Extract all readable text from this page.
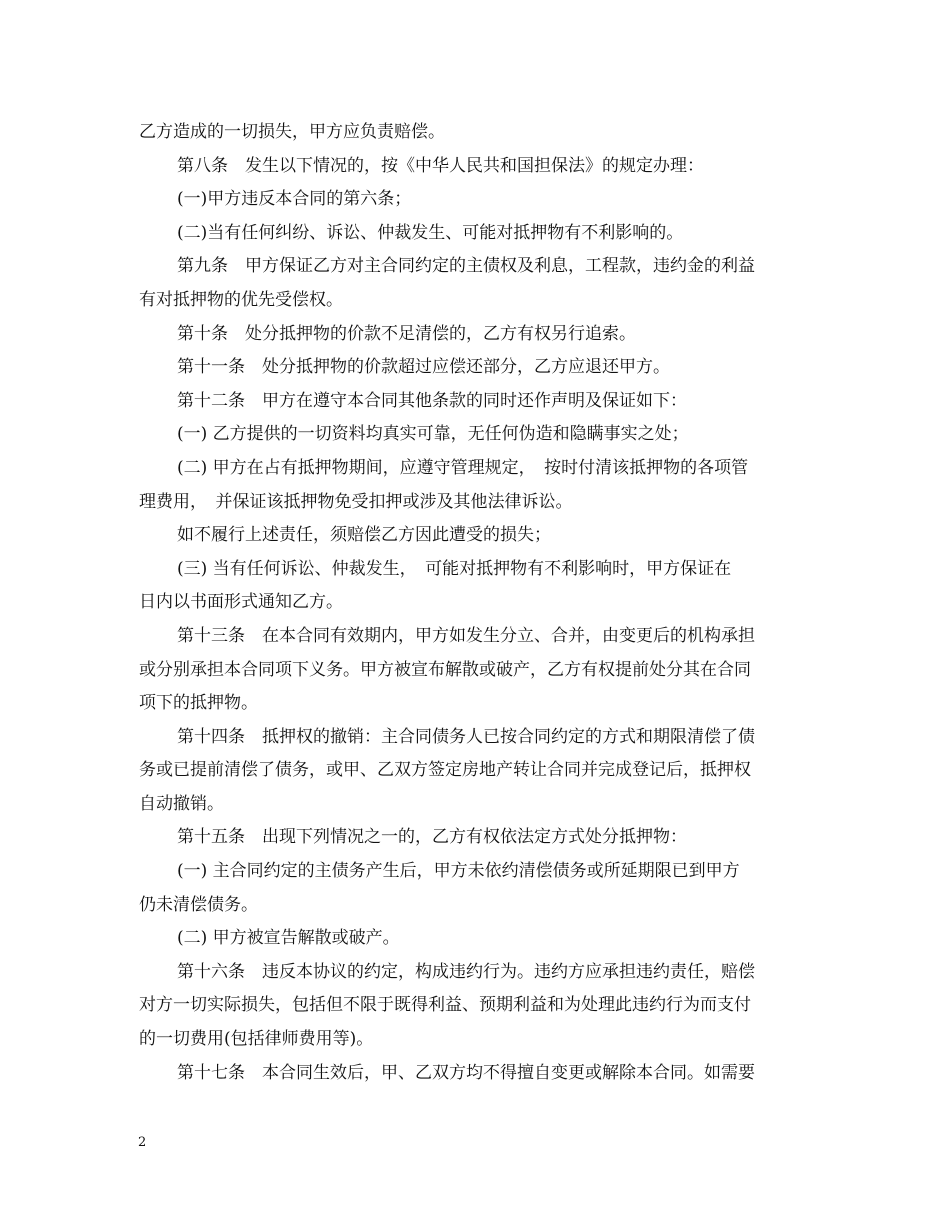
乙方造成的一切损失，甲方应负责赔偿。
第八条　发生以下情况的，按《中华人民共和国担保法》的规定办理：
(一)甲方违反本合同的第六条；
(二)当有任何纠纷、诉讼、仲裁发生、可能对抵押物有不利影响的。
第九条　甲方保证乙方对主合同约定的主债权及利息，工程款，违约金的利益
有对抵押物的优先受偿权。
第十条　处分抵押物的价款不足清偿的，乙方有权另行追索。
第十一条　处分抵押物的价款超过应偿还部分，乙方应退还甲方。
第十二条　甲方在遵守本合同其他条款的同时还作声明及保证如下：
(一) 乙方提供的一切资料均真实可靠，无任何伪造和隐瞒事实之处；
(二) 甲方在占有抵押物期间，应遵守管理规定，　按时付清该抵押物的各项管
理费用，　并保证该抵押物免受扣押或涉及其他法律诉讼。
如不履行上述责任，须赔偿乙方因此遭受的损失；
(三) 当有任何诉讼、仲裁发生，　可能对抵押物有不利影响时，甲方保证在
日内以书面形式通知乙方。
第十三条　在本合同有效期内，甲方如发生分立、合并，由变更后的机构承担
或分别承担本合同项下义务。甲方被宣布解散或破产，乙方有权提前处分其在合同
项下的抵押物。
第十四条　抵押权的撤销：主合同债务人已按合同约定的方式和期限清偿了债
务或已提前清偿了债务，或甲、乙双方签定房地产转让合同并完成登记后，抵押权
自动撤销。
第十五条　出现下列情况之一的，乙方有权依法定方式处分抵押物：
(一) 主合同约定的主债务产生后，甲方未依约清偿债务或所延期限已到甲方
仍未清偿债务。
(二) 甲方被宣告解散或破产。
第十六条　违反本协议的约定，构成违约行为。违约方应承担违约责任，赔偿
对方一切实际损失，包括但不限于既得利益、预期利益和为处理此违约行为而支付
的一切费用(包括律师费用等)。
第十七条　本合同生效后，甲、乙双方均不得擅自变更或解除本合同。如需要
2
